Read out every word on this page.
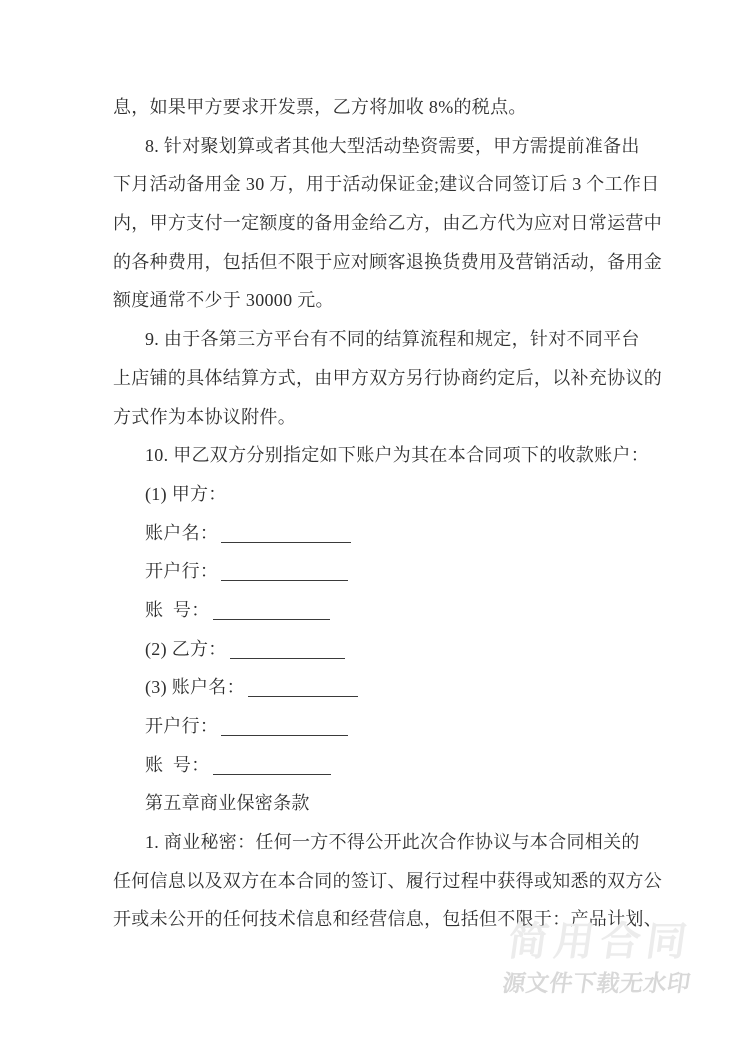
息，如果甲方要求开发票，乙方将加收 8%的税点。
8. 针对聚划算或者其他大型活动垫资需要，甲方需提前准备出
下月活动备用金 30 万，用于活动保证金;建议合同签订后 3 个工作日
内，甲方支付一定额度的备用金给乙方，由乙方代为应对日常运营中
的各种费用，包括但不限于应对顾客退换货费用及营销活动，备用金
额度通常不少于 30000 元。
9. 由于各第三方平台有不同的结算流程和规定，针对不同平台
上店铺的具体结算方式，由甲方双方另行协商约定后，以补充协议的
方式作为本协议附件。
10. 甲乙双方分别指定如下账户为其在本合同项下的收款账户：
(1) 甲方：
账户名：
开户行：
账  号：
(2) 乙方：
(3) 账户名：
开户行：
账  号：
第五章商业保密条款
1. 商业秘密：任何一方不得公开此次合作协议与本合同相关的
任何信息以及双方在本合同的签订、履行过程中获得或知悉的双方公
开或未公开的任何技术信息和经营信息，包括但不限于：产品计划、
简用合同
源文件下载无水印
